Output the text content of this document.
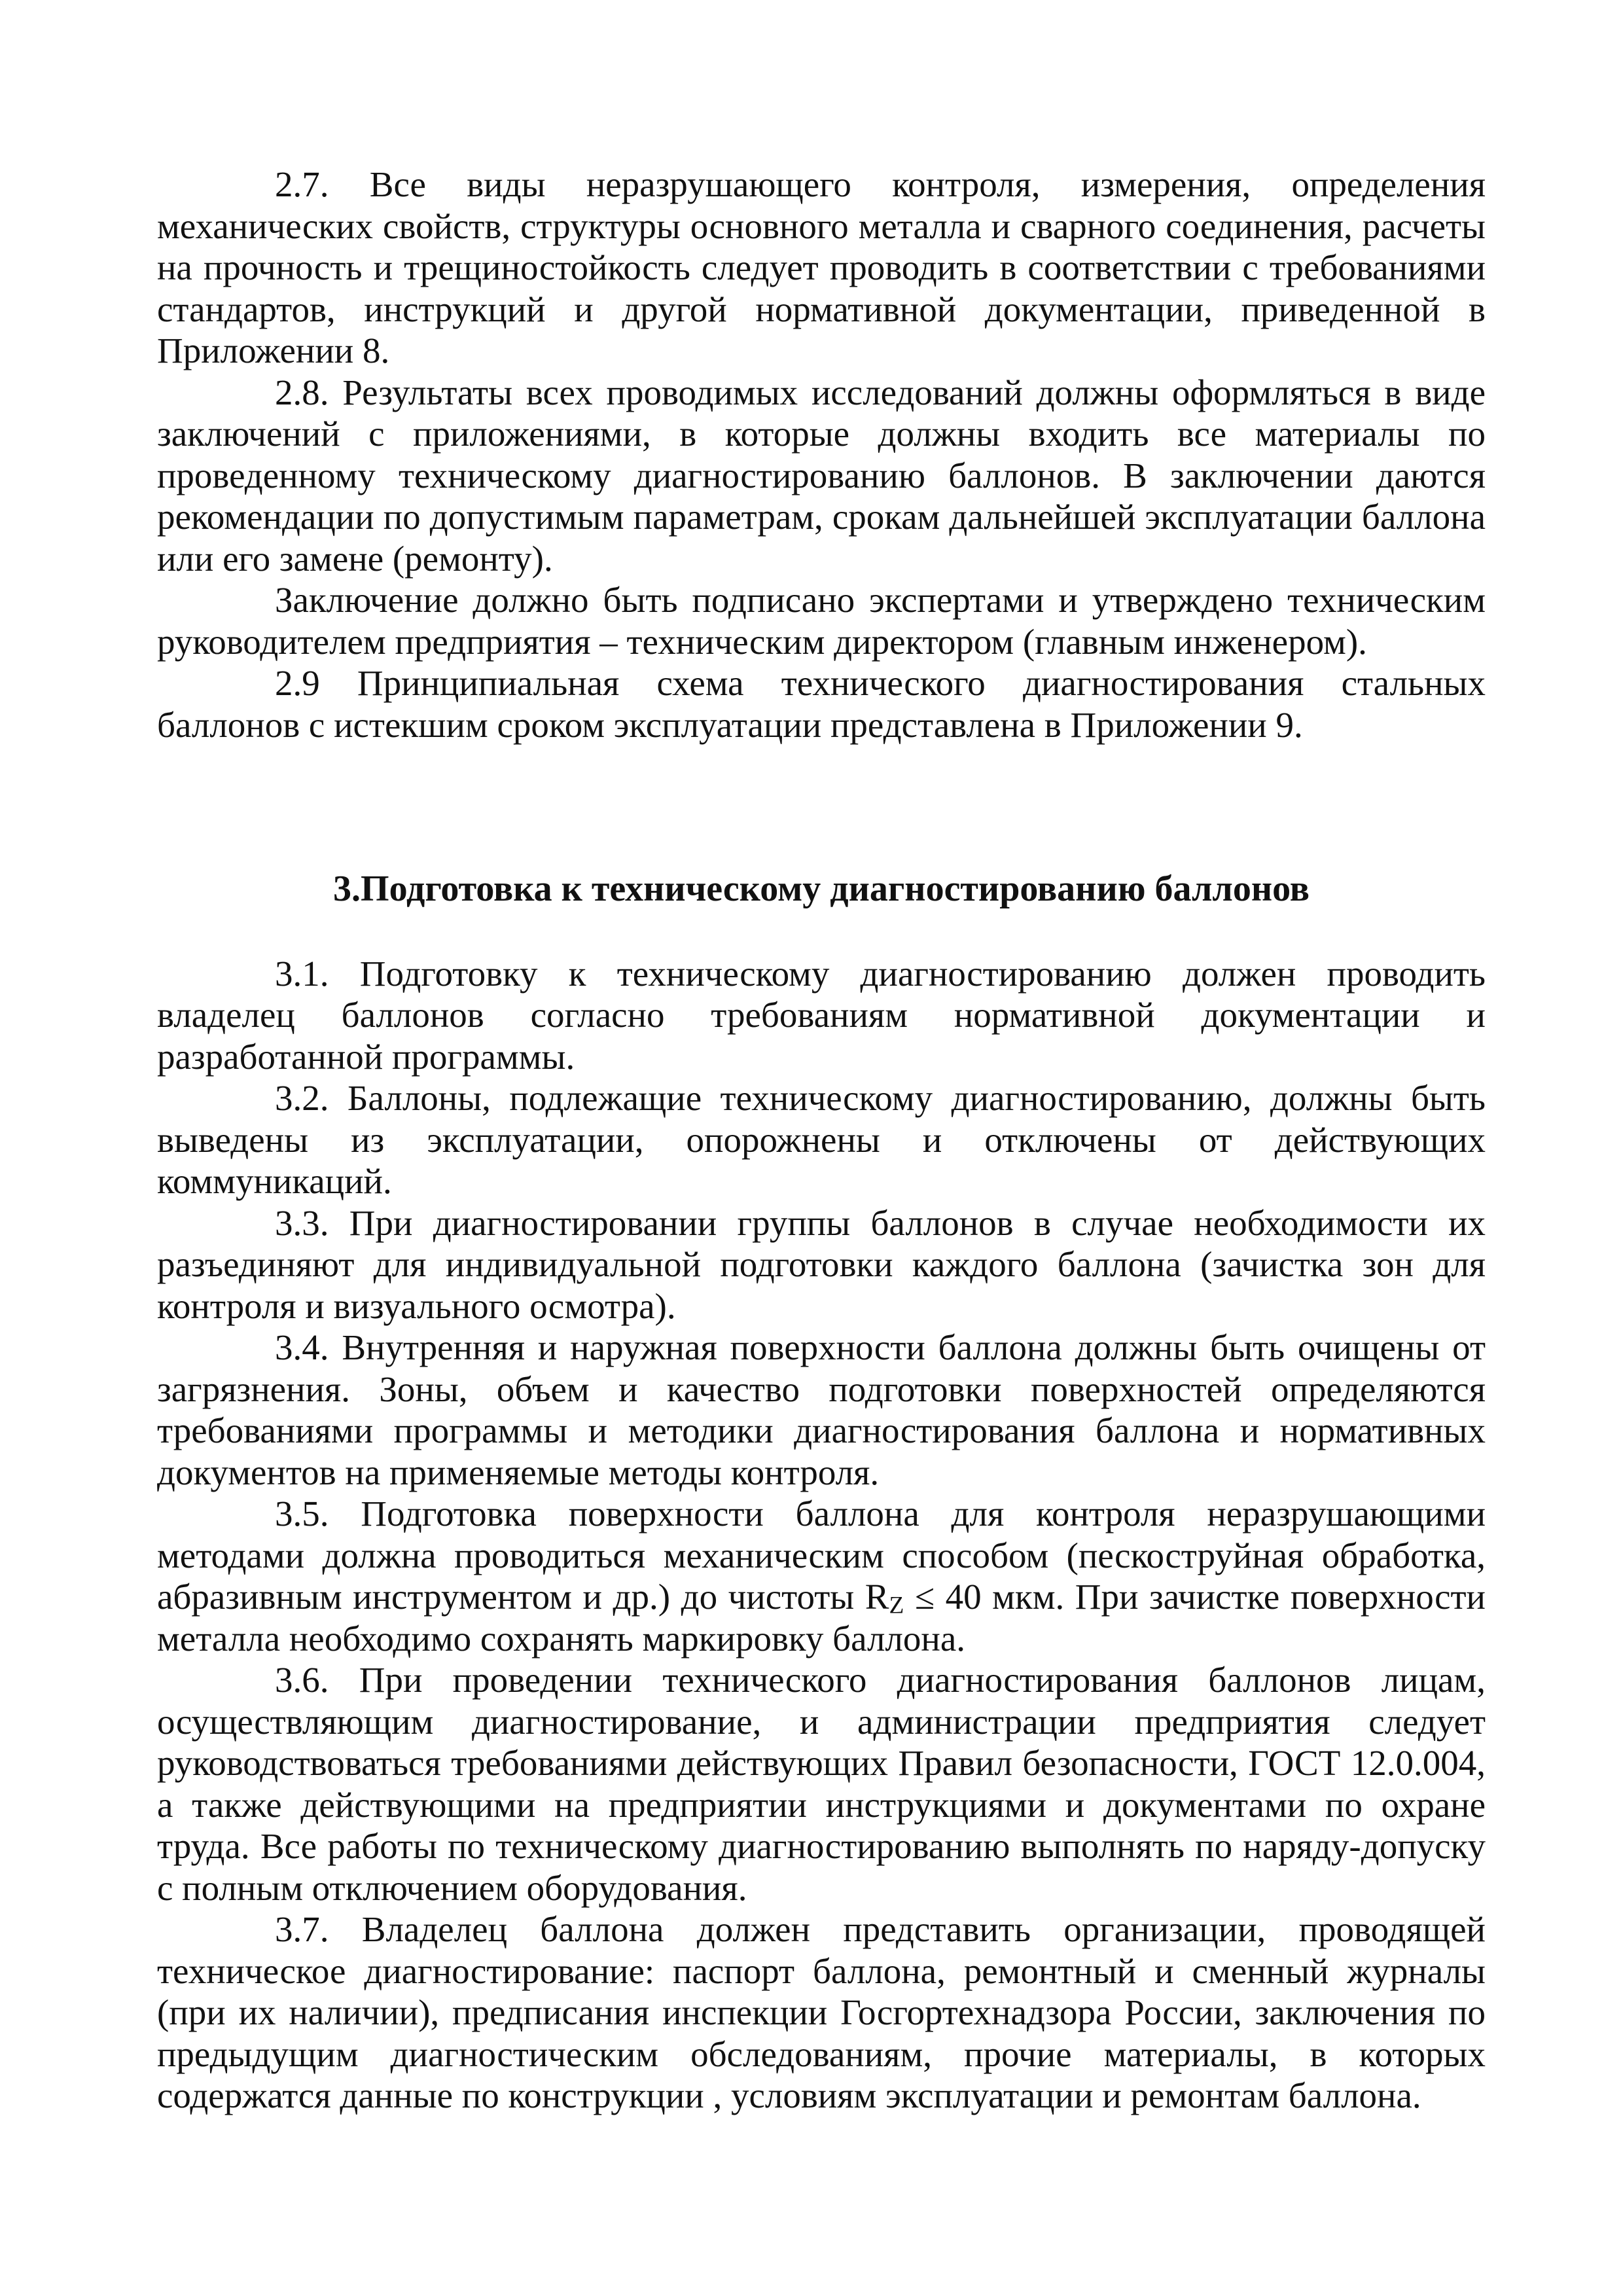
2.7. Все виды неразрушающего контроля, измерения, определения механических свойств, структуры основного металла и сварного соединения, расчеты на прочность и трещиностойкость следует проводить в соответствии с требованиями стандартов, инструкций и другой нормативной документации, приведенной в Приложении 8.

2.8. Результаты всех проводимых исследований должны оформляться в виде заключений с приложениями, в которые должны входить все материалы по проведенному техническому диагностированию баллонов. В заключении даются рекомендации по допустимым параметрам, срокам дальнейшей эксплуатации баллона или его замене (ремонту).

Заключение должно быть подписано экспертами и утверждено техническим руководителем предприятия – техническим директором (главным инженером).

2.9 Принципиальная схема технического диагностирования стальных баллонов с истекшим сроком эксплуатации представлена в Приложении 9.

3.Подготовка к техническому диагностированию баллонов

3.1. Подготовку к техническому диагностированию должен проводить владелец баллонов согласно требованиям нормативной документации и разработанной программы.

3.2. Баллоны, подлежащие техническому диагностированию, должны быть выведены из эксплуатации, опорожнены и отключены от действующих коммуникаций.

3.3. При диагностировании группы баллонов в случае необходимости их разъединяют для индивидуальной подготовки каждого баллона (зачистка зон для контроля и визуального осмотра).

3.4. Внутренняя и наружная поверхности баллона должны быть очищены от загрязнения. Зоны, объем и качество подготовки поверхностей определяются требованиями программы и методики диагностирования баллона и нормативных документов на применяемые методы контроля.

3.5. Подготовка поверхности баллона для контроля неразрушающими методами должна проводиться механическим способом (пескоструйная обработка, абразивным инструментом и др.) до чистоты RZ ≤ 40 мкм. При зачистке поверхности металла необходимо сохранять маркировку баллона.

3.6. При проведении технического диагностирования баллонов лицам, осуществляющим диагностирование, и администрации предприятия следует руководствоваться требованиями действующих Правил безопасности, ГОСТ 12.0.004, а также действующими на предприятии инструкциями и документами по охране труда. Все работы по техническому диагностированию выполнять по наряду-допуску с полным отключением оборудования.

3.7. Владелец баллона должен представить организации, проводящей техническое диагностирование: паспорт баллона, ремонтный и сменный журналы (при их наличии), предписания инспекции Госгортехнадзора России, заключения по предыдущим диагностическим обследованиям, прочие материалы, в которых содержатся данные по конструкции , условиям эксплуатации и ремонтам баллона.
